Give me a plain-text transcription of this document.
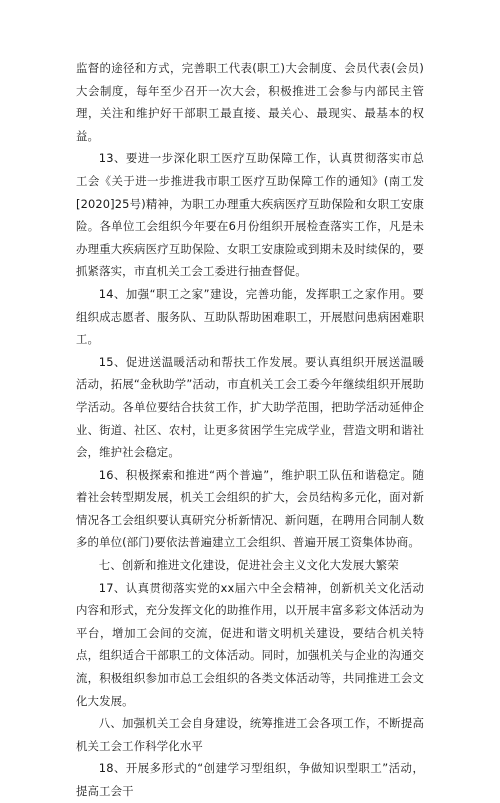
监督的途径和方式，完善职工代表(职工)大会制度、会员代表(会员)大会制度，每年至少召开一次大会，积极推进工会参与内部民主管理，关注和维护好干部职工最直接、最关心、最现实、最基本的权益。

13、要进一步深化职工医疗互助保障工作，认真贯彻落实市总工会《关于进一步推进我市职工医疗互助保障工作的通知》(南工发[2020]25号)精神，为职工办理重大疾病医疗互助保险和女职工安康险。各单位工会组织今年要在6月份组织开展检查落实工作，凡是未办理重大疾病医疗互助保险、女职工安康险或到期未及时续保的，要抓紧落实，市直机关工会工委进行抽查督促。

14、加强“职工之家”建设，完善功能，发挥职工之家作用。要组织成志愿者、服务队、互助队帮助困难职工，开展慰问患病困难职工。

15、促进送温暖活动和帮扶工作发展。要认真组织开展送温暖活动，拓展“金秋助学”活动，市直机关工会工委今年继续组织开展助学活动。各单位要结合扶贫工作，扩大助学范围，把助学活动延伸企业、街道、社区、农村，让更多贫困学生完成学业，营造文明和谐社会，维护社会稳定。

16、积极探索和推进“两个普遍”，维护职工队伍和谐稳定。随着社会转型期发展，机关工会组织的扩大，会员结构多元化，面对新情况各工会组织要认真研究分析新情况、新问题，在聘用合同制人数多的单位(部门)要依法普遍建立工会组织、普遍开展工资集体协商。

七、创新和推进文化建设，促进社会主义文化大发展大繁荣

17、认真贯彻落实党的xx届六中全会精神，创新机关文化活动内容和形式，充分发挥文化的助推作用，以开展丰富多彩文体活动为平台，增加工会间的交流，促进和谐文明机关建设，要结合机关特点，组织适合干部职工的文体活动。同时，加强机关与企业的沟通交流，积极组织参加市总工会组织的各类文体活动等，共同推进工会文化大发展。

八、加强机关工会自身建设，统筹推进工会各项工作，不断提高机关工会工作科学化水平

18、开展多形式的“创建学习型组织，争做知识型职工”活动，提高工会干
